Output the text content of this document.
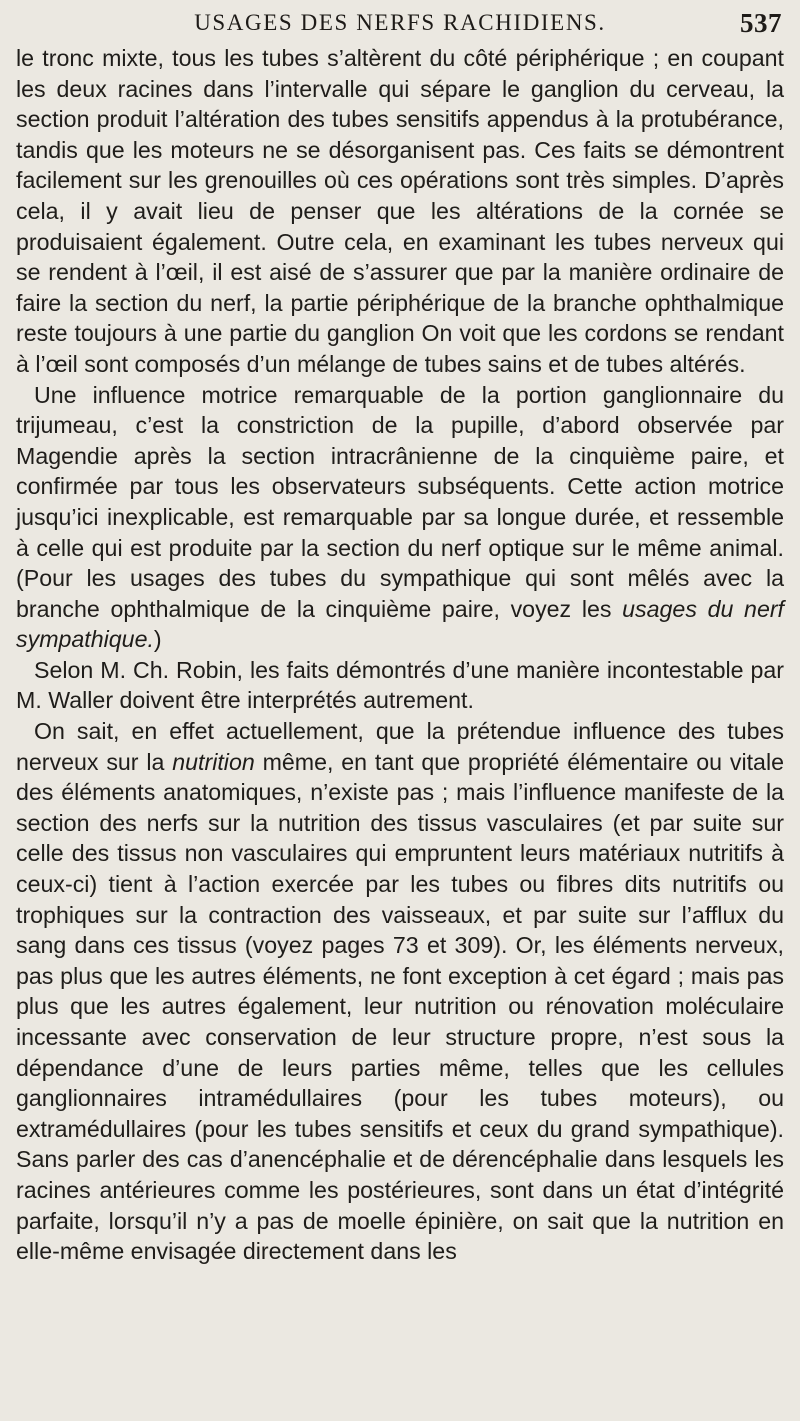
USAGES DES NERFS RACHIDIENS.	537

le tronc mixte, tous les tubes s’altèrent du côté périphérique ; en coupant les deux racines dans l’intervalle qui sépare le ganglion du cerveau, la section produit l’altération des tubes sensitifs appendus à la protubérance, tandis que les moteurs ne se désorganisent pas. Ces faits se démontrent facilement sur les grenouilles où ces opérations sont très simples. D’après cela, il y avait lieu de penser que les altérations de la cornée se produisaient également. Outre cela, en examinant les tubes nerveux qui se rendent à l’œil, il est aisé de s’assurer que par la manière ordinaire de faire la section du nerf, la partie périphérique de la branche ophthalmique reste toujours à une partie du ganglion On voit que les cordons se rendant à l’œil sont composés d’un mélange de tubes sains et de tubes altérés.

Une influence motrice remarquable de la portion ganglionnaire du trijumeau, c’est la constriction de la pupille, d’abord observée par Magendie après la section intracrânienne de la cinquième paire, et confirmée par tous les observateurs subséquents. Cette action motrice jusqu’ici inexplicable, est remarquable par sa longue durée, et ressemble à celle qui est produite par la section du nerf optique sur le même animal. (Pour les usages des tubes du sympathique qui sont mêlés avec la branche ophthalmique de la cinquième paire, voyez les usages du nerf sympathique.)

Selon M. Ch. Robin, les faits démontrés d’une manière incontestable par M. Waller doivent être interprétés autrement.

On sait, en effet actuellement, que la prétendue influence des tubes nerveux sur la nutrition même, en tant que propriété élémentaire ou vitale des éléments anatomiques, n’existe pas ; mais l’influence manifeste de la section des nerfs sur la nutrition des tissus vasculaires (et par suite sur celle des tissus non vasculaires qui empruntent leurs matériaux nutritifs à ceux-ci) tient à l’action exercée par les tubes ou fibres dits nutritifs ou trophiques sur la contraction des vaisseaux, et par suite sur l’afflux du sang dans ces tissus (voyez pages 73 et 309). Or, les éléments nerveux, pas plus que les autres éléments, ne font exception à cet égard ; mais pas plus que les autres également, leur nutrition ou rénovation moléculaire incessante avec conservation de leur structure propre, n’est sous la dépendance d’une de leurs parties même, telles que les cellules ganglionnaires intramédullaires (pour les tubes moteurs), ou extramédullaires (pour les tubes sensitifs et ceux du grand sympathique). Sans parler des cas d’anencéphalie et de dérencéphalie dans lesquels les racines antérieures comme les postérieures, sont dans un état d’intégrité parfaite, lorsqu’il n’y a pas de moelle épinière, on sait que la nutrition en elle-même envisagée directement dans les
